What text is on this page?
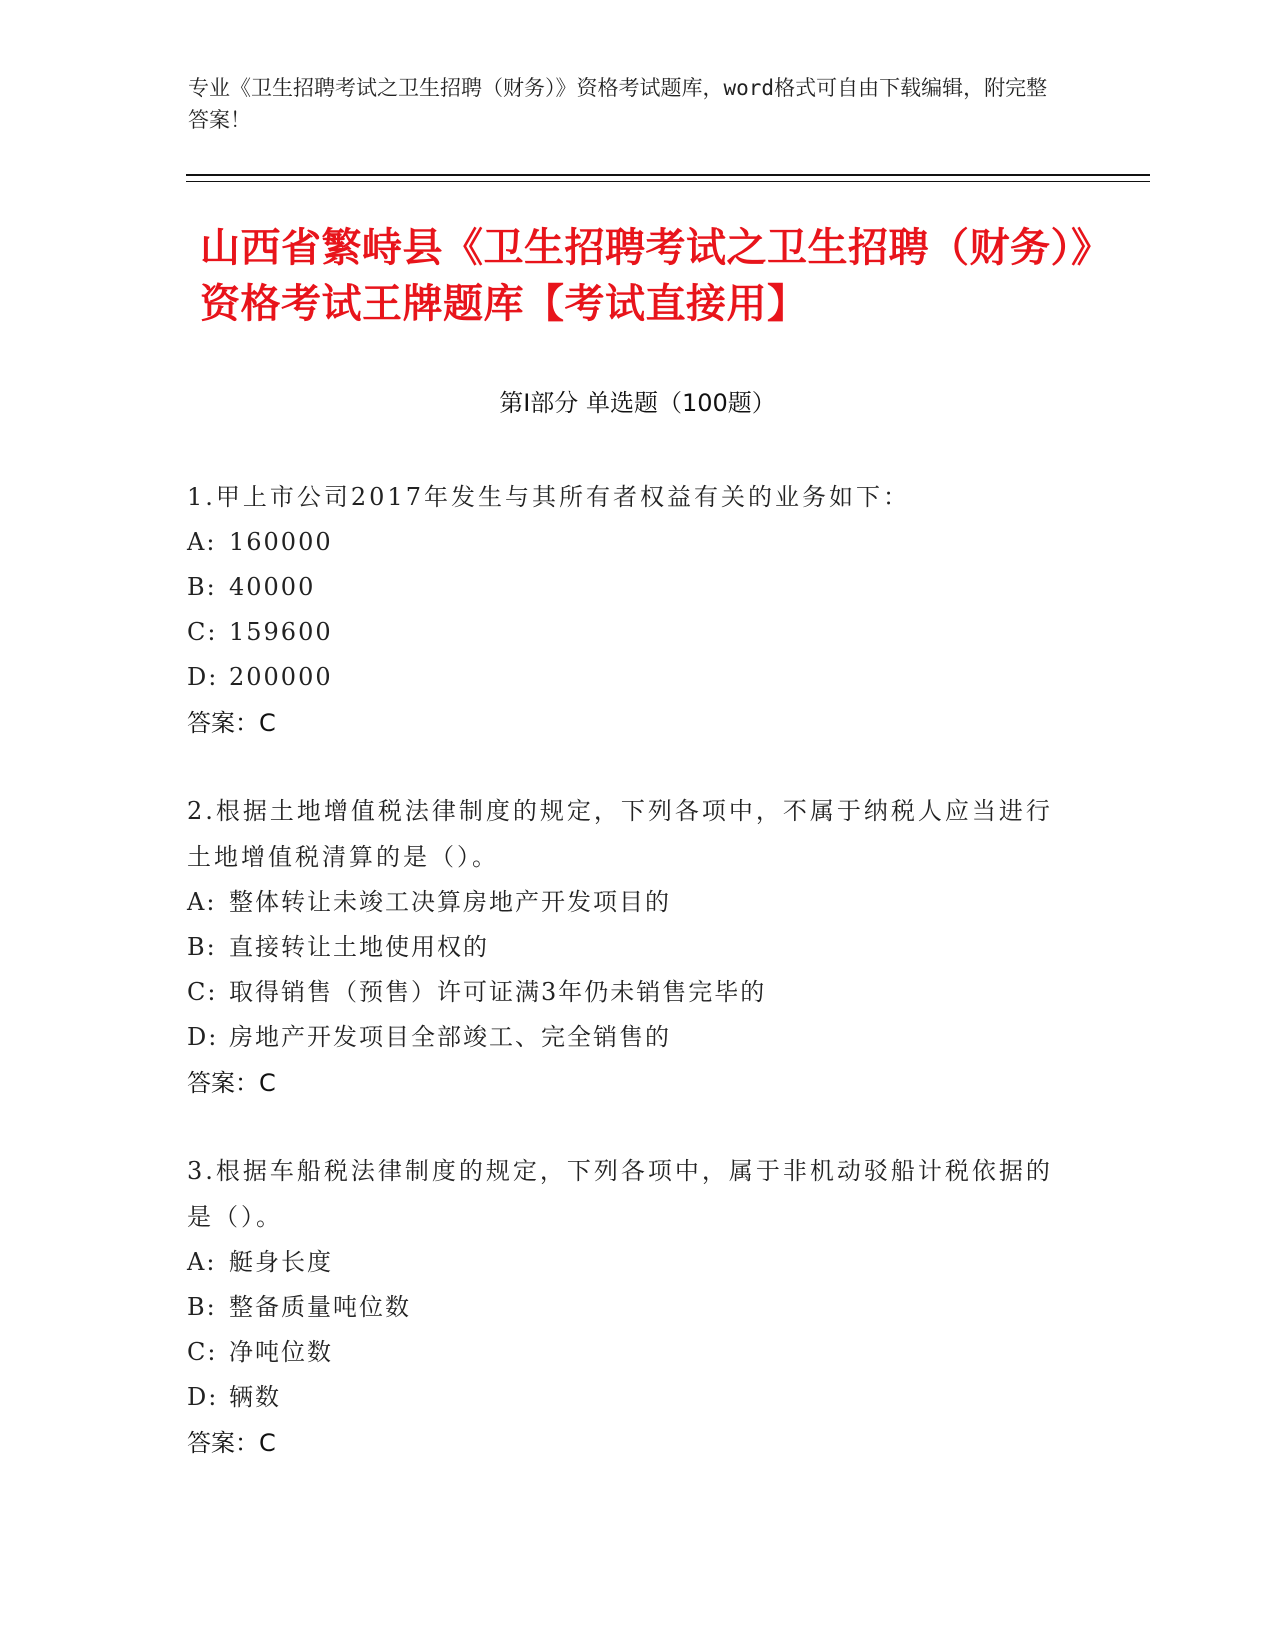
专业《卫生招聘考试之卫生招聘（财务）》资格考试题库，word格式可自由下载编辑，附完整答案！
山西省繁峙县《卫生招聘考试之卫生招聘（财务）》资格考试王牌题库【考试直接用】
第Ⅰ部分 单选题（100题）
1.甲上市公司2017年发生与其所有者权益有关的业务如下：
A: 160000
B: 40000
C: 159600
D: 200000
答案：C
2.根据土地增值税法律制度的规定，下列各项中，不属于纳税人应当进行土地增值税清算的是（）。
A: 整体转让未竣工决算房地产开发项目的
B: 直接转让土地使用权的
C: 取得销售（预售）许可证满3年仍未销售完毕的
D: 房地产开发项目全部竣工、完全销售的
答案：C
3.根据车船税法律制度的规定，下列各项中，属于非机动驳船计税依据的是（）。
A: 艇身长度
B: 整备质量吨位数
C: 净吨位数
D: 辆数
答案：C
